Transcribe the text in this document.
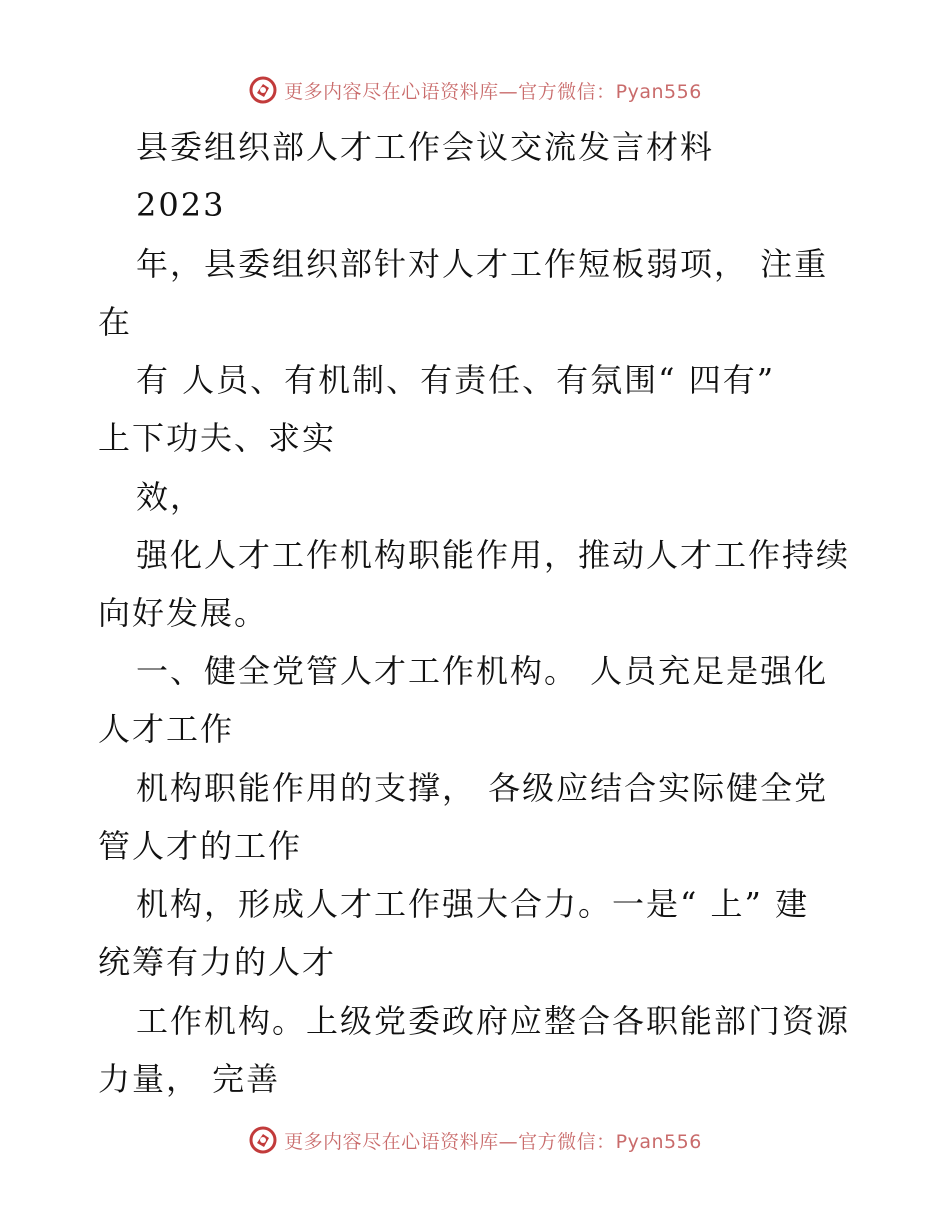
更多内容尽在心语资料库—官方微信：Pyan556
县委组织部人才工作会议交流发言材料
2023
年，县委组织部针对人才工作短板弱项， 注重
在
有 人员、有机制、有责任、有氛围“ 四有”
上下功夫、求实
效，
强化人才工作机构职能作用，推动人才工作持续
向好发展。
一、健全党管人才工作机构。 人员充足是强化
人才工作
机构职能作用的支撑， 各级应结合实际健全党
管人才的工作
机构，形成人才工作强大合力。一是“ 上” 建
统筹有力的人才
工作机构。上级党委政府应整合各职能部门资源
力量， 完善
更多内容尽在心语资料库—官方微信：Pyan556
